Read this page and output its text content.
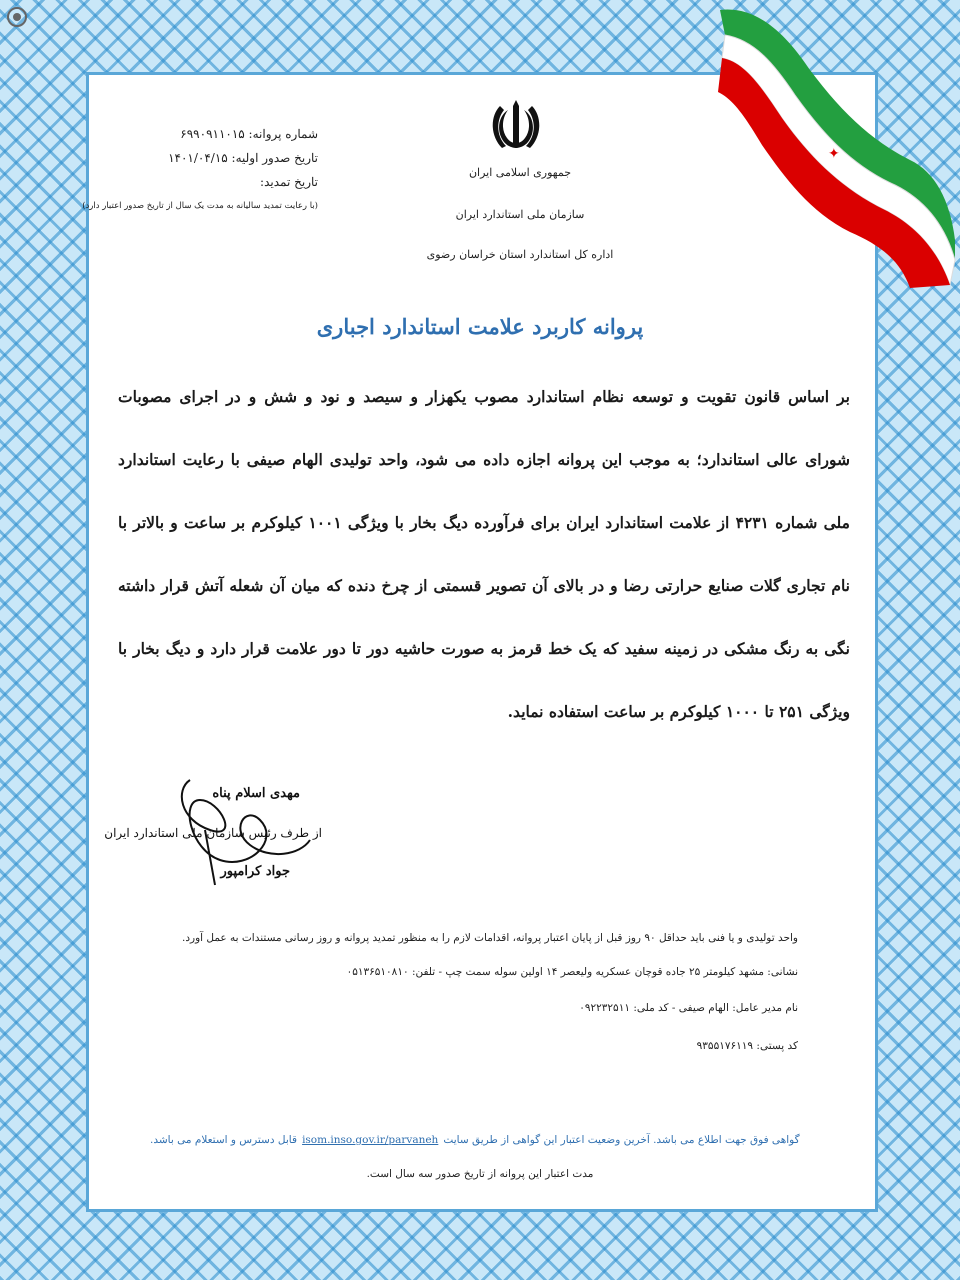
✦
جمهوری اسلامی ایران
سازمان ملی استاندارد ایران
اداره کل استاندارد استان خراسان رضوی
شماره پروانه: ۶۹۹۰۹۱۱۰۱۵
تاریخ صدور اولیه: ۱۴۰۱/۰۴/۱۵
تاریخ تمدید:
(با رعایت تمدید سالیانه به مدت یک سال از تاریخ صدور اعتبار دارد)
پروانه کاربرد علامت استاندارد اجباری
بر اساس قانون تقویت و توسعه نظام استاندارد مصوب یکهزار و سیصد و نود و شش و در اجرای مصوبات شورای عالی استاندارد؛ به موجب این پروانه اجازه داده می شود، واحد تولیدی الهام صیفی با رعایت استاندارد ملی شماره ۴۲۳۱ از علامت استاندارد ایران برای فرآورده دیگ بخار با ویژگی ۱۰۰۱ کیلوکرم بر ساعت و بالاتر با نام تجاری گلات صنایع حرارتی رضا و در بالای آن تصویر قسمتی از چرخ دنده که میان آن شعله آتش قرار داشته نگی به رنگ مشکی در زمینه سفید که یک خط قرمز به صورت حاشیه دور تا دور علامت قرار دارد و دیگ بخار با ویژگی ۲۵۱ تا ۱۰۰۰ کیلوکرم بر ساعت استفاده نماید.
مهدی اسلام پناه
از طرف رئیس سازمان ملی استاندارد ایران
جواد کرامپور
واحد تولیدی و یا فنی باید حداقل ۹۰ روز قبل از پایان اعتبار پروانه، اقدامات لازم را به منظور تمدید پروانه و روز رسانی مستندات به عمل آورد.
نشانی: مشهد کیلومتر ۲۵ جاده قوچان عسکریه ولیعصر ۱۴ اولین سوله سمت چپ - تلفن: ۰۵۱۳۶۵۱۰۸۱۰
نام مدیر عامل: الهام صیفی - کد ملی: ۰۹۲۲۳۲۵۱۱
کد پستی: ۹۳۵۵۱۷۶۱۱۹
قابل دسترس و استعلام می باشد. isom.inso.gov.ir/parvaneh گواهی فوق جهت اطلاع می باشد. آخرین وضعیت اعتبار این گواهی از طریق سایت
مدت اعتبار این پروانه از تاریخ صدور سه سال است.
